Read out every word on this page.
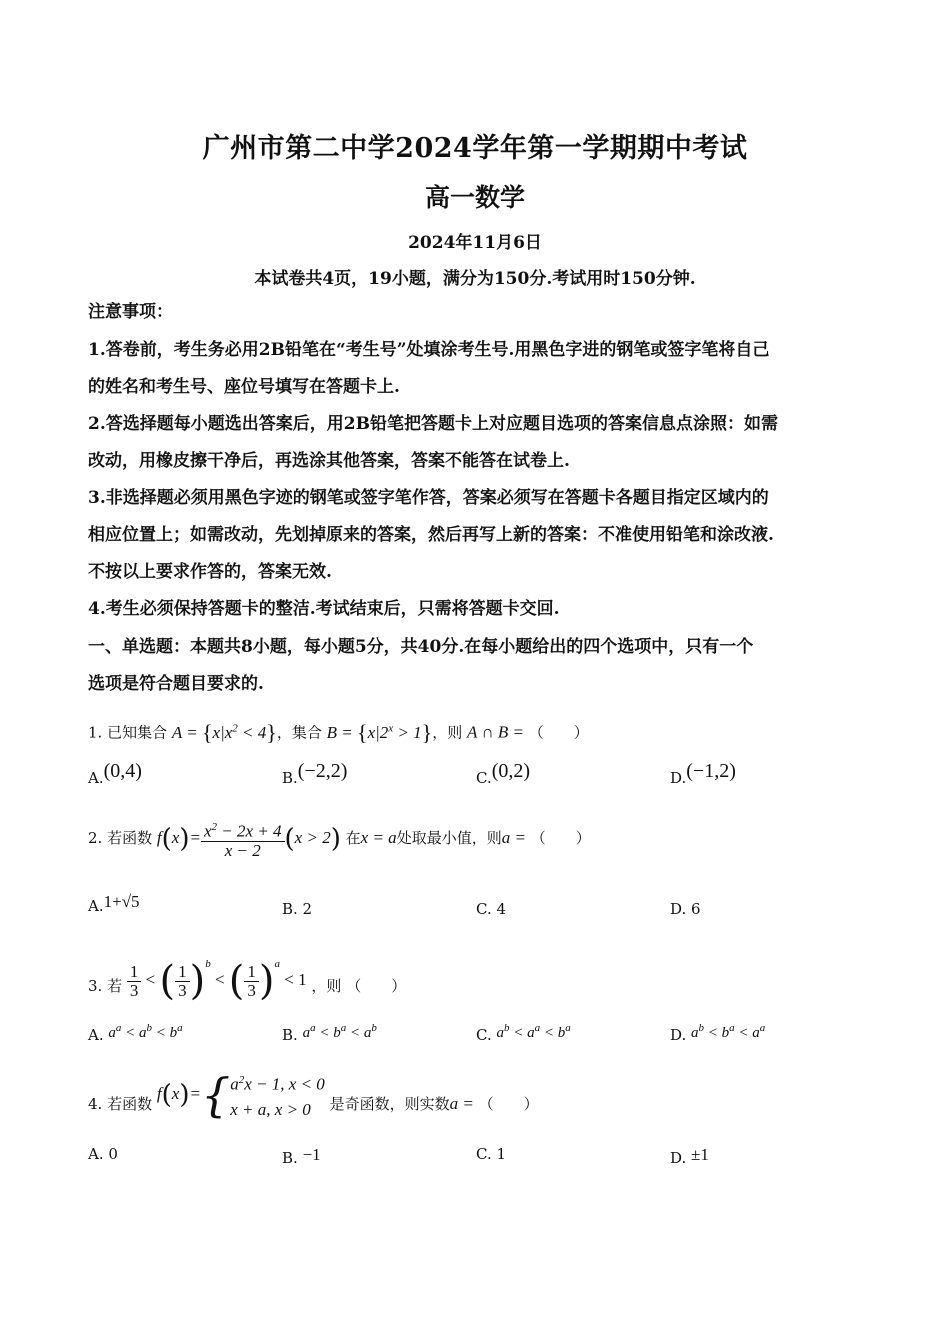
广州市第二中学2024学年第一学期期中考试
高一数学
2024年11月6日
本试卷共4页，19小题，满分为150分.考试用时150分钟.
注意事项：
1.答卷前，考生务必用2B铅笔在“考生号”处填涂考生号.用黑色字进的钢笔或签字笔将自己
的姓名和考生号、座位号填写在答题卡上.
2.答选择题每小题选出答案后，用2B铅笔把答题卡上对应题目选项的答案信息点涂照：如需
改动，用橡皮擦干净后，再选涂其他答案，答案不能答在试卷上.
3.非选择题必须用黑色字迹的钢笔或签字笔作答，答案必须写在答题卡各题目指定区域内的
相应位置上；如需改动，先划掉原来的答案，然后再写上新的答案：不准使用铅笔和涂改液.
不按以上要求作答的，答案无效.
4.考生必须保持答题卡的整洁.考试结束后，只需将答题卡交回.
一、单选题：本题共8小题，每小题5分，共40分.在每小题给出的四个选项中，只有一个
选项是符合题目要求的.
1. 已知集合 $A = \{x|x^2 < 4\}$，集合 $B = \{x|2^x > 1\}$，则 A ∩ B = （　　）
A.(0,4)	B.(−2,2)	C.(0,2)	D.(−1,2)
2. 若函数 $f(x)= \frac{x^2 - 2x + 4}{x - 2} (x > 2)$ 在x = a处取最小值，则a = （　　）
A.1+√5	B. 2	C. 4	D. 6
3. 若 $\frac{1}{3}$ < ( $\frac{1}{3} )^b$ < ( $\frac{1}{3} )^a < 1$ ，则 （　　）
A. $a^a < a^b < b^a$	B. $a^a < b^a < a^b$	C. $a^b < a^a < b^a$	D. $a^b < b^a < a^a$
4. 若函数 $f(x)=\{a^2x - 1$, x < 0
x + a, x > 0 是奇函数，则实数a = （　　）
A. 0	B. −1	C. 1	D. ±1
